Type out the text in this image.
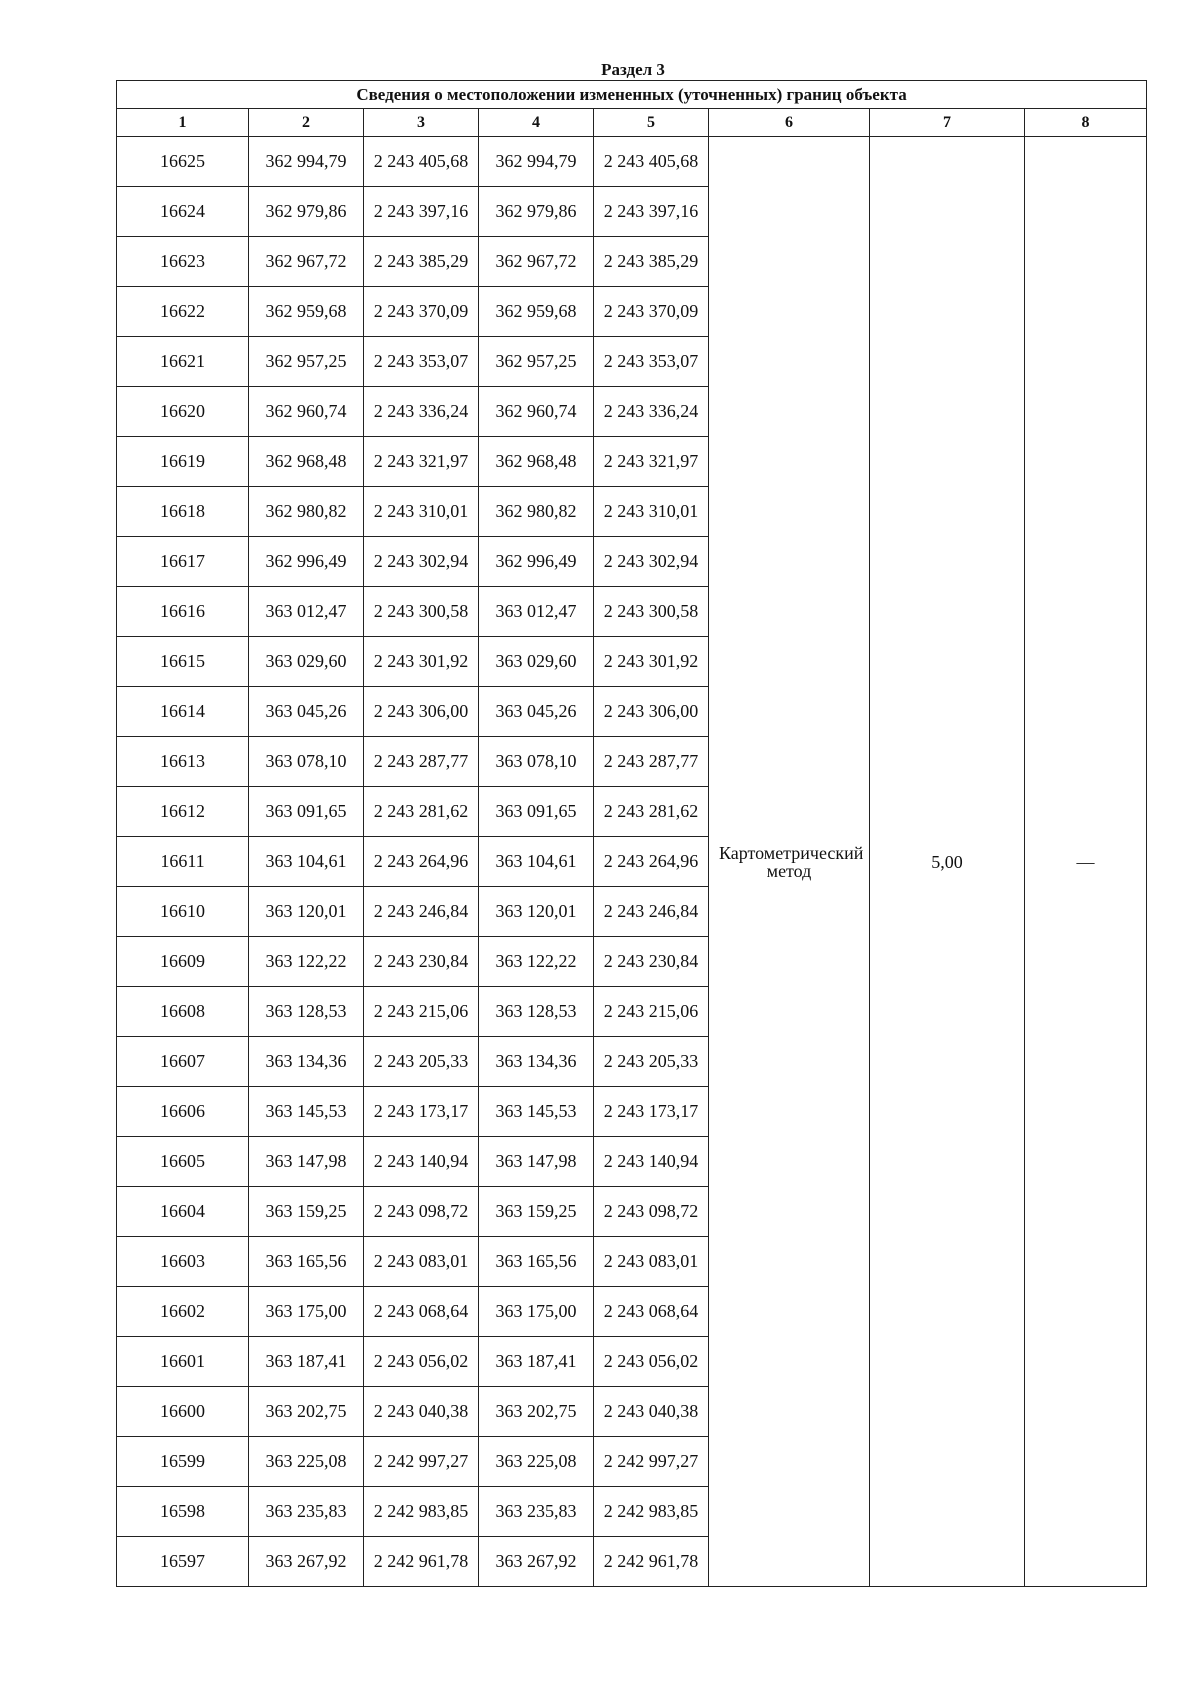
Раздел 3
Сведения о местоположении измененных (уточненных) границ объекта							
1	2	3	4	5	6	7	8
16625	362 994,79	2 243 405,68	362 994,79	2 243 405,68	Картометрический метод	5,00	—
16624	362 979,86	2 243 397,16	362 979,86	2 243 397,16			
16623	362 967,72	2 243 385,29	362 967,72	2 243 385,29			
16622	362 959,68	2 243 370,09	362 959,68	2 243 370,09			
16621	362 957,25	2 243 353,07	362 957,25	2 243 353,07			
16620	362 960,74	2 243 336,24	362 960,74	2 243 336,24			
16619	362 968,48	2 243 321,97	362 968,48	2 243 321,97			
16618	362 980,82	2 243 310,01	362 980,82	2 243 310,01			
16617	362 996,49	2 243 302,94	362 996,49	2 243 302,94			
16616	363 012,47	2 243 300,58	363 012,47	2 243 300,58			
16615	363 029,60	2 243 301,92	363 029,60	2 243 301,92			
16614	363 045,26	2 243 306,00	363 045,26	2 243 306,00			
16613	363 078,10	2 243 287,77	363 078,10	2 243 287,77			
16612	363 091,65	2 243 281,62	363 091,65	2 243 281,62			
16611	363 104,61	2 243 264,96	363 104,61	2 243 264,96			
16610	363 120,01	2 243 246,84	363 120,01	2 243 246,84			
16609	363 122,22	2 243 230,84	363 122,22	2 243 230,84			
16608	363 128,53	2 243 215,06	363 128,53	2 243 215,06			
16607	363 134,36	2 243 205,33	363 134,36	2 243 205,33			
16606	363 145,53	2 243 173,17	363 145,53	2 243 173,17			
16605	363 147,98	2 243 140,94	363 147,98	2 243 140,94			
16604	363 159,25	2 243 098,72	363 159,25	2 243 098,72			
16603	363 165,56	2 243 083,01	363 165,56	2 243 083,01			
16602	363 175,00	2 243 068,64	363 175,00	2 243 068,64			
16601	363 187,41	2 243 056,02	363 187,41	2 243 056,02			
16600	363 202,75	2 243 040,38	363 202,75	2 243 040,38			
16599	363 225,08	2 242 997,27	363 225,08	2 242 997,27			
16598	363 235,83	2 242 983,85	363 235,83	2 242 983,85			
16597	363 267,92	2 242 961,78	363 267,92	2 242 961,78			
